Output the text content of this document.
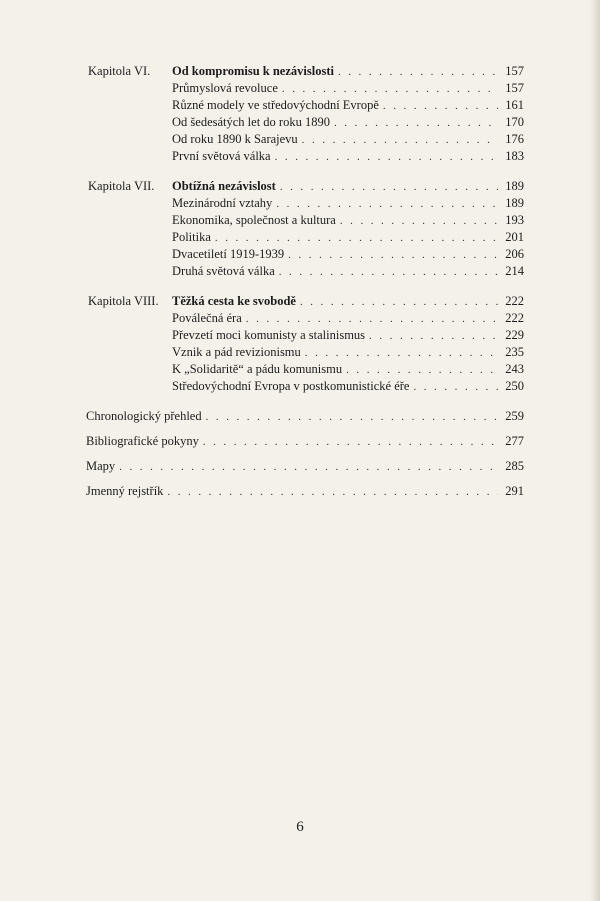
Kapitola VI. Od kompromisu k nezávislosti . . .	157
Průmyslová revoluce . . .	157
Různé modely ve středovýchodní Evropě . . .	161
Od šedesátých let do roku 1890 . . .	170
Od roku 1890 k Sarajevu . . .	176
První světová válka . . .	183
Kapitola VII. Obtížná nezávislost . . .	189
Mezinárodní vztahy . . .	189
Ekonomika, společnost a kultura . . .	193
Politika . . .	201
Dvacetiletí 1919-1939 . . .	206
Druhá světová válka . . .	214
Kapitola VIII. Těžká cesta ke svobodě . . .	222
Poválečná éra . . .	222
Převzetí moci komunisty a stalinismus . . .	229
Vznik a pád revizionismu . . .	235
K „Solidaritě“ a pádu komunismu . . .	243
Středovýchodní Evropa v postkomunistické éře . . .	250
Chronologický přehled . . .	259
Bibliografické pokyny . . .	277
Mapy . . .	285
Jmenný rejstřík . . .	291
6
